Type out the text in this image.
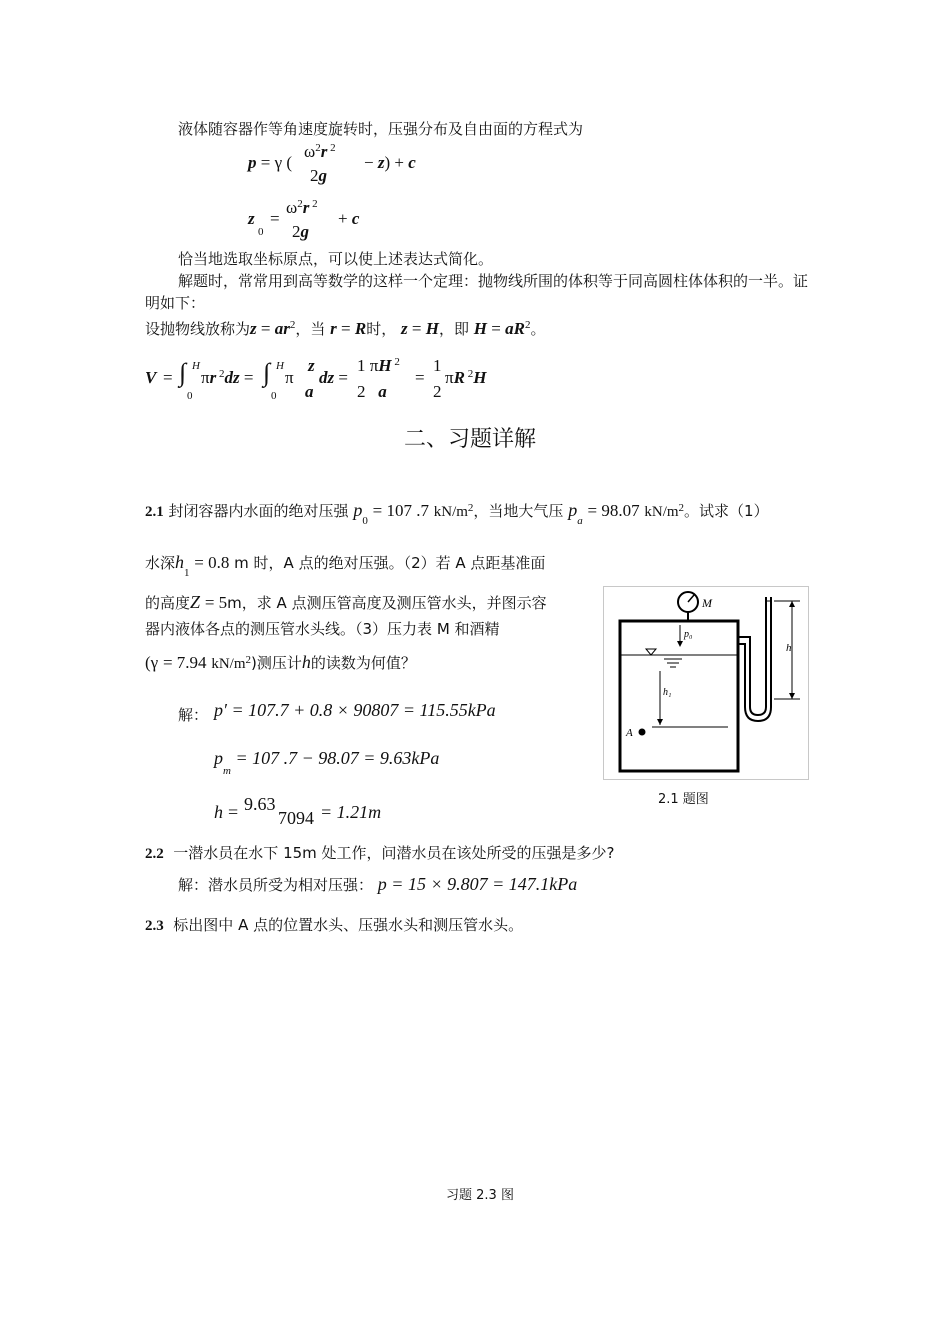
液体随容器作等角速度旋转时，压强分布及自由面的方程式为
p = γ (
$\omega^2r$ $^2$
2g
− z) + c
z
0
=
$\omega^2r$ $^2$
2g
+ c
恰当地选取坐标原点，可以使上述表达式简化。
解题时，常常用到高等数学的这样一个定理：抛物线所围的体积等于同高圆柱体体积的一半。证明如下：
设抛物线放称为$z = ar^2$，当 r = R时， z = H，即 $H = aR^2$。
V = ∫ H
0
πr $^2$dz = ∫ H
0
π
z
a
dz =
1 πH $^2$
2   a
=
1
2
πR $^2$H
二、习题详解
2.1 封闭容器内水面的绝对压强 $p_0 = 107$ .7 $kN/m^2$，当地大气压 $p_a = 98.07$ $kN/m^2$。试求（1）
水深$h_1 = 0.8$ m 时，A 点的绝对压强。（2）若 A 点距基准面
的高度Z = 5m，求 A 点测压管高度及测压管水头，并图示容
器内液体各点的测压管水头线。（3）压力表 M 和酒精
(γ = 7.94 $kN/m^2$)测压计h的读数为何值？
解： p′ = 107.7 + 0.8 × 90807 = 115.55kPa
$p_m = 107$ .7 − 98.07 = 9.63kPa
h = 9.63
7094 = 1.21m
M
p₀
h
h₁
A
2.1 题图
2.2 一潜水员在水下 15m 处工作，问潜水员在该处所受的压强是多少?
解：潜水员所受为相对压强： p = 15 × 9.807 = 147.1kPa
2.3 标出图中 A 点的位置水头、压强水头和测压管水头。
习题 2.3 图
